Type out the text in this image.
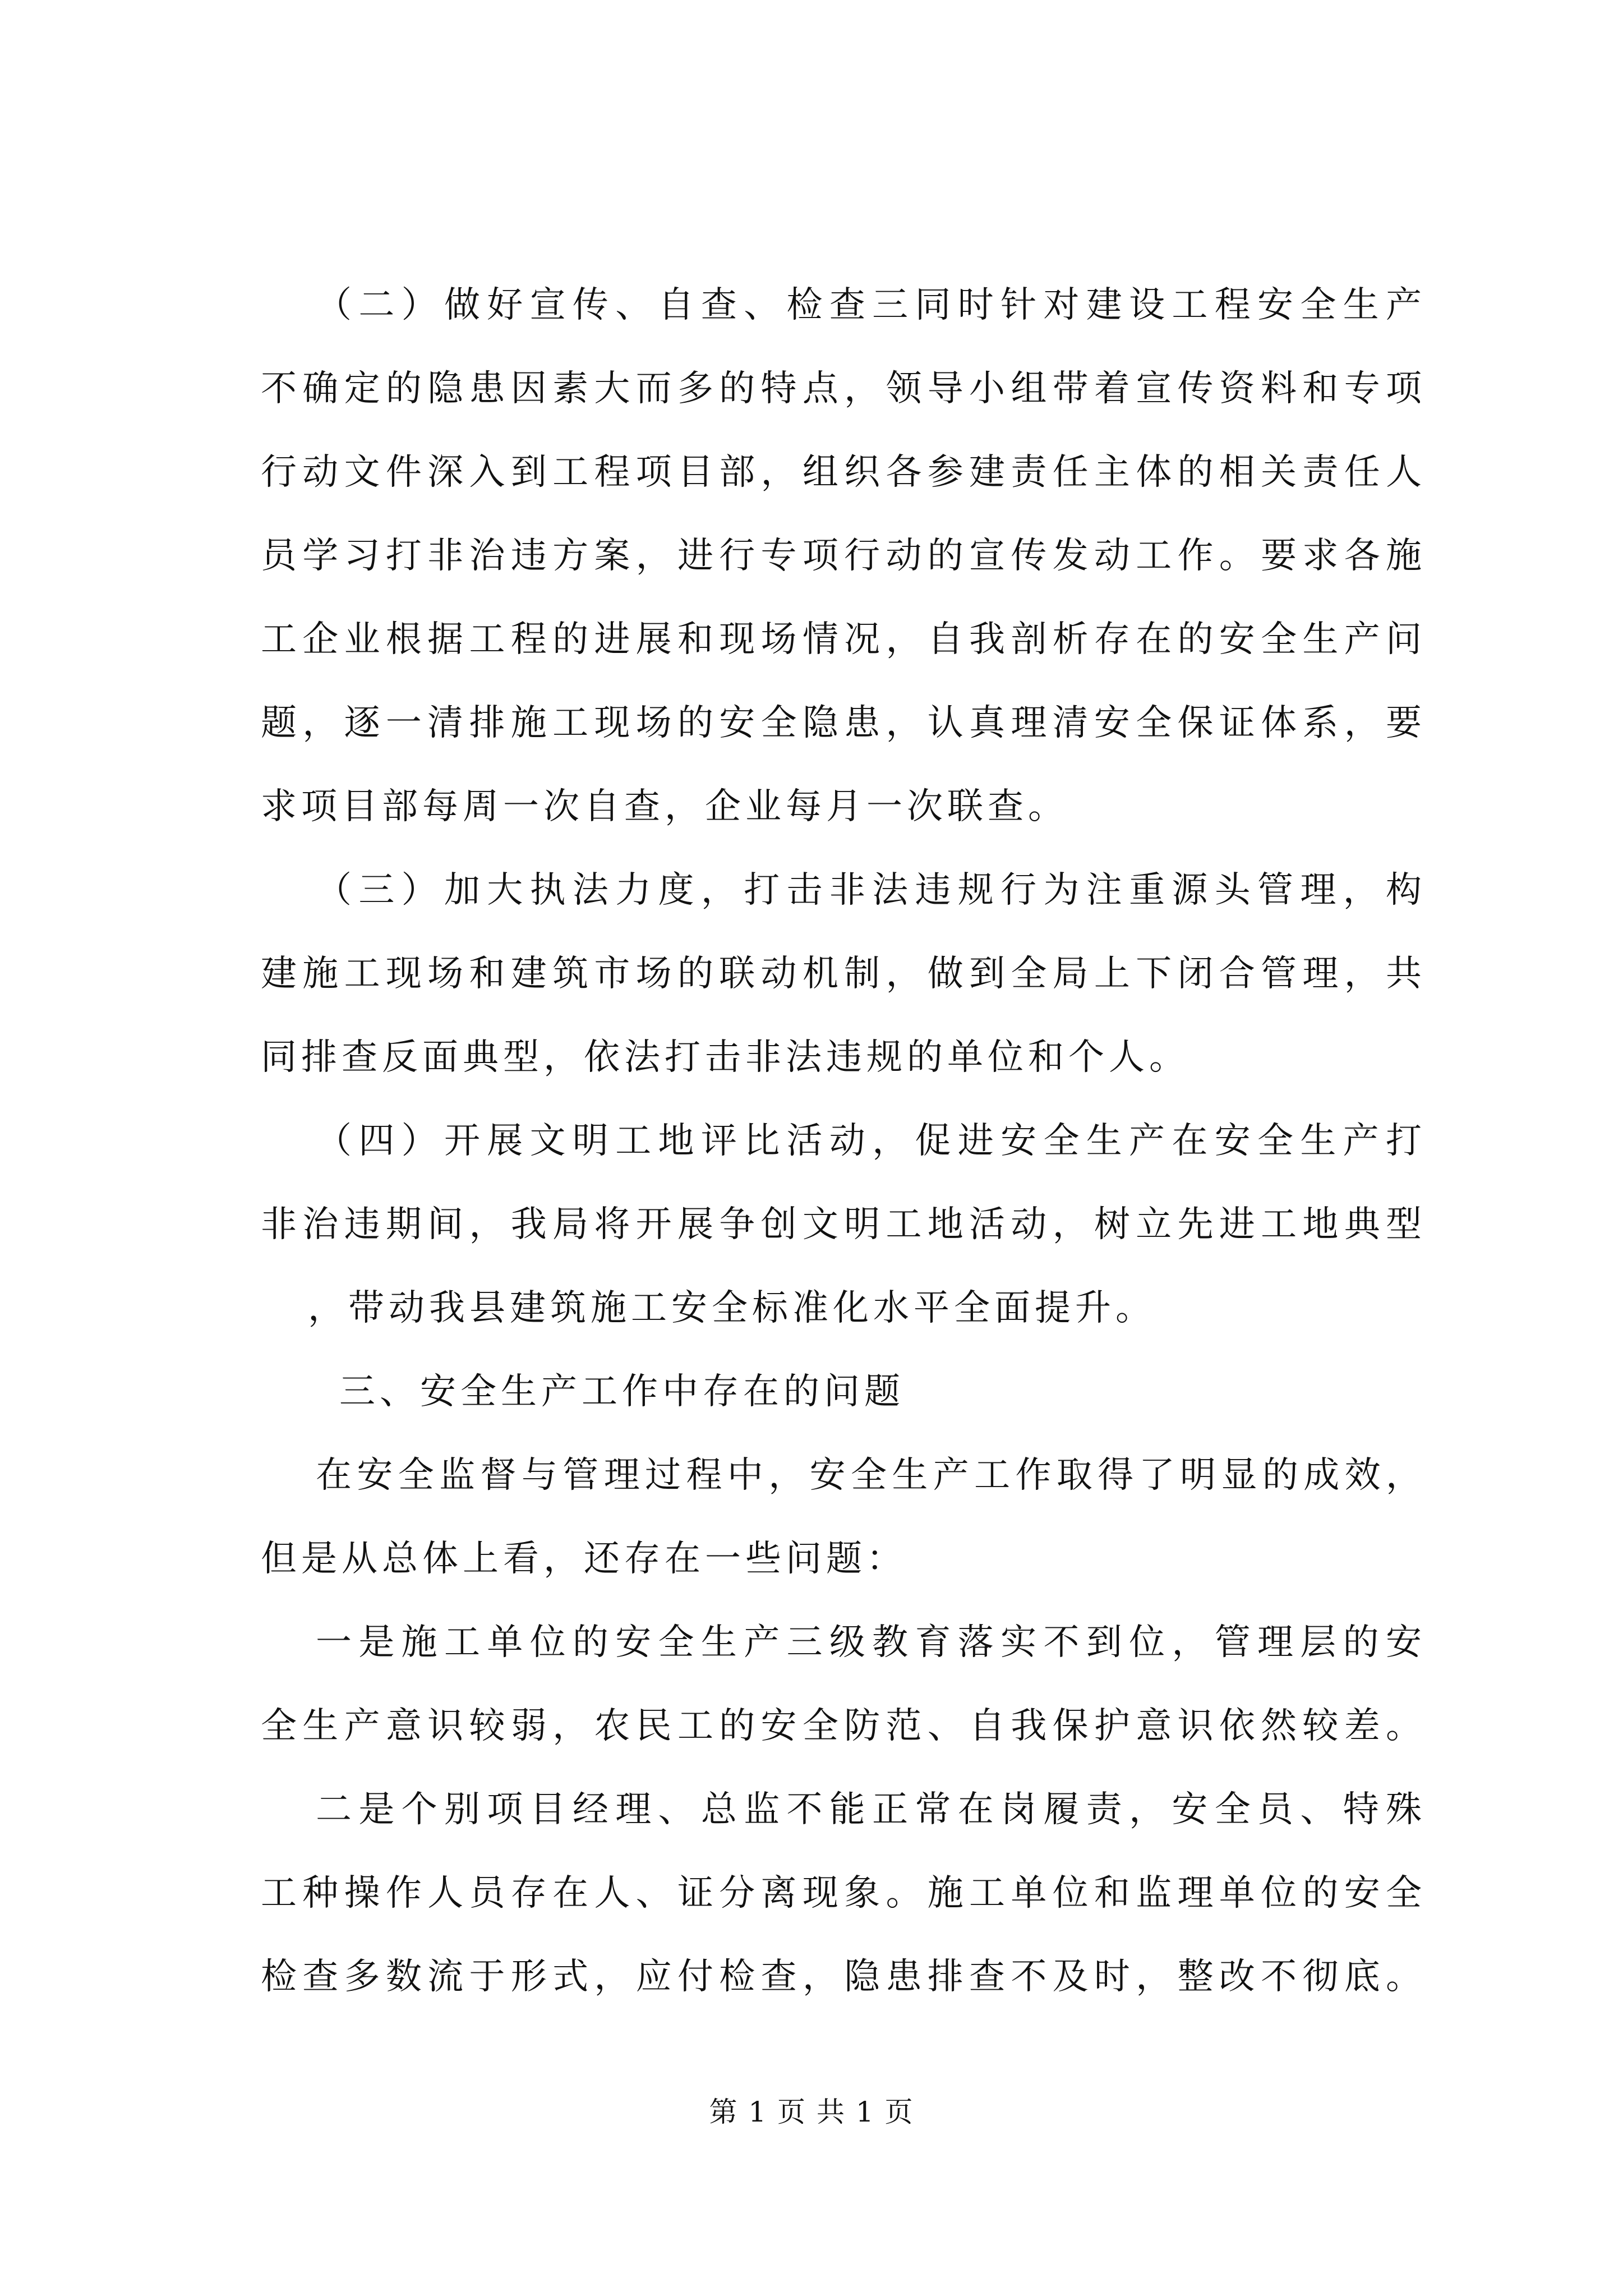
（二）做好宣传、自查、检查三同时针对建设工程安全生产
不确定的隐患因素大而多的特点，领导小组带着宣传资料和专项
行动文件深入到工程项目部，组织各参建责任主体的相关责任人
员学习打非治违方案，进行专项行动的宣传发动工作。要求各施
工企业根据工程的进展和现场情况，自我剖析存在的安全生产问
题，逐一清排施工现场的安全隐患，认真理清安全保证体系，要
求项目部每周一次自查，企业每月一次联查。
（三）加大执法力度，打击非法违规行为注重源头管理，构
建施工现场和建筑市场的联动机制，做到全局上下闭合管理，共
同排查反面典型，依法打击非法违规的单位和个人。
（四）开展文明工地评比活动，促进安全生产在安全生产打
非治违期间，我局将开展争创文明工地活动，树立先进工地典型
，带动我县建筑施工安全标准化水平全面提升。
三、安全生产工作中存在的问题
在安全监督与管理过程中，安全生产工作取得了明显的成效，
但是从总体上看，还存在一些问题：
一是施工单位的安全生产三级教育落实不到位，管理层的安
全生产意识较弱，农民工的安全防范、自我保护意识依然较差。
二是个别项目经理、总监不能正常在岗履责，安全员、特殊
工种操作人员存在人、证分离现象。施工单位和监理单位的安全
检查多数流于形式，应付检查，隐患排查不及时，整改不彻底。
第 1 页 共 1 页
